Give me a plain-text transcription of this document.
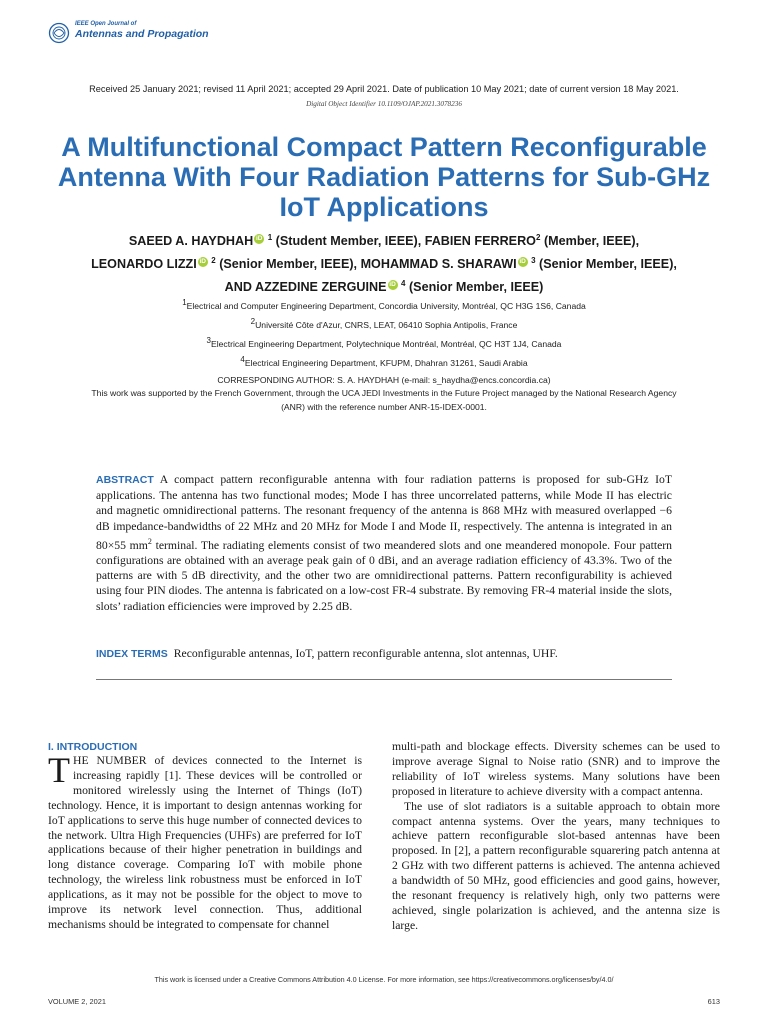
IEEE Open Journal of
Antennas and Propagation
Received 25 January 2021; revised 11 April 2021; accepted 29 April 2021. Date of publication 10 May 2021; date of current version 18 May 2021.
Digital Object Identifier 10.1109/OJAP.2021.3078236
A Multifunctional Compact Pattern Reconfigurable Antenna With Four Radiation Patterns for Sub-GHz IoT Applications
SAEED A. HAYDHAH iD $^1$ (Student Member, IEEE), FABIEN FERRERO$^2$ (Member, IEEE),
LEONARDO LIZZI iD $^2$ (Senior Member, IEEE), MOHAMMAD S. SHARAWI iD $^3$ (Senior Member, IEEE),
AND AZZEDINE ZERGUINE iD $^4$ (Senior Member, IEEE)
$^1$Electrical and Computer Engineering Department, Concordia University, Montréal, QC H3G 1S6, Canada
$^2$Université Côte d'Azur, CNRS, LEAT, 06410 Sophia Antipolis, France
$^3$Electrical Engineering Department, Polytechnique Montréal, Montréal, QC H3T 1J4, Canada
$^4$Electrical Engineering Department, KFUPM, Dhahran 31261, Saudi Arabia
CORRESPONDING AUTHOR: S. A. HAYDHAH (e-mail: s_haydha@encs.concordia.ca)
This work was supported by the French Government, through the UCA JEDI Investments in the Future Project managed by the National Research Agency (ANR) with the reference number ANR-15-IDEX-0001.
ABSTRACT A compact pattern reconfigurable antenna with four radiation patterns is proposed for sub-GHz IoT applications. The antenna has two functional modes; Mode I has three uncorrelated patterns, while Mode II has electric and magnetic omnidirectional patterns. The resonant frequency of the antenna is 868 MHz with measured overlapped −6 dB impedance-bandwidths of 22 MHz and 20 MHz for Mode I and Mode II, respectively. The antenna is integrated in an 80×55 $mm^2$ terminal. The radiating elements consist of two meandered slots and one meandered monopole. Four pattern configurations are obtained with an average peak gain of 0 dBi, and an average radiation efficiency of 43.3%. Two of the patterns are with 5 dB directivity, and the other two are omnidirectional patterns. Pattern reconfigurability is achieved using four PIN diodes. The antenna is fabricated on a low-cost FR-4 substrate. By removing FR-4 material inside the slots, slots’ radiation efficiencies were improved by 2.25 dB.
INDEX TERMS Reconfigurable antennas, IoT, pattern reconfigurable antenna, slot antennas, UHF.
I. INTRODUCTION

THE NUMBER of devices connected to the Internet is increasing rapidly [1]. These devices will be controlled or monitored wirelessly using the Internet of Things (IoT) technology. Hence, it is important to design antennas working for IoT applications to serve this huge number of connected devices to the network. Ultra High Frequencies (UHFs) are preferred for IoT applications because of their higher penetration in buildings and long distance coverage. Comparing IoT with mobile phone technology, the wireless link robustness must be enforced in IoT applications, as it may not be possible for the object to move to improve its network level connection. Thus, additional mechanisms should be integrated to compensate for channel

multi-path and blockage effects. Diversity schemes can be used to improve average Signal to Noise ratio (SNR) and to improve the reliability of IoT wireless systems. Many solutions have been proposed in literature to achieve diversity with a compact antenna.

The use of slot radiators is a suitable approach to obtain more compact antenna systems. Over the years, many techniques to achieve pattern reconfigurable slot-based antennas have been proposed. In [2], a pattern reconfigurable squarering patch antenna at 2 GHz with two different patterns is achieved. The antenna achieved a bandwidth of 50 MHz, good efficiencies and good gains, however, the resonant frequency is relatively high, only two patterns were achieved, single polarization is achieved, and the antenna size is large.

This work is licensed under a Creative Commons Attribution 4.0 License. For more information, see https://creativecommons.org/licenses/by/4.0/
VOLUME 2, 2021	613
